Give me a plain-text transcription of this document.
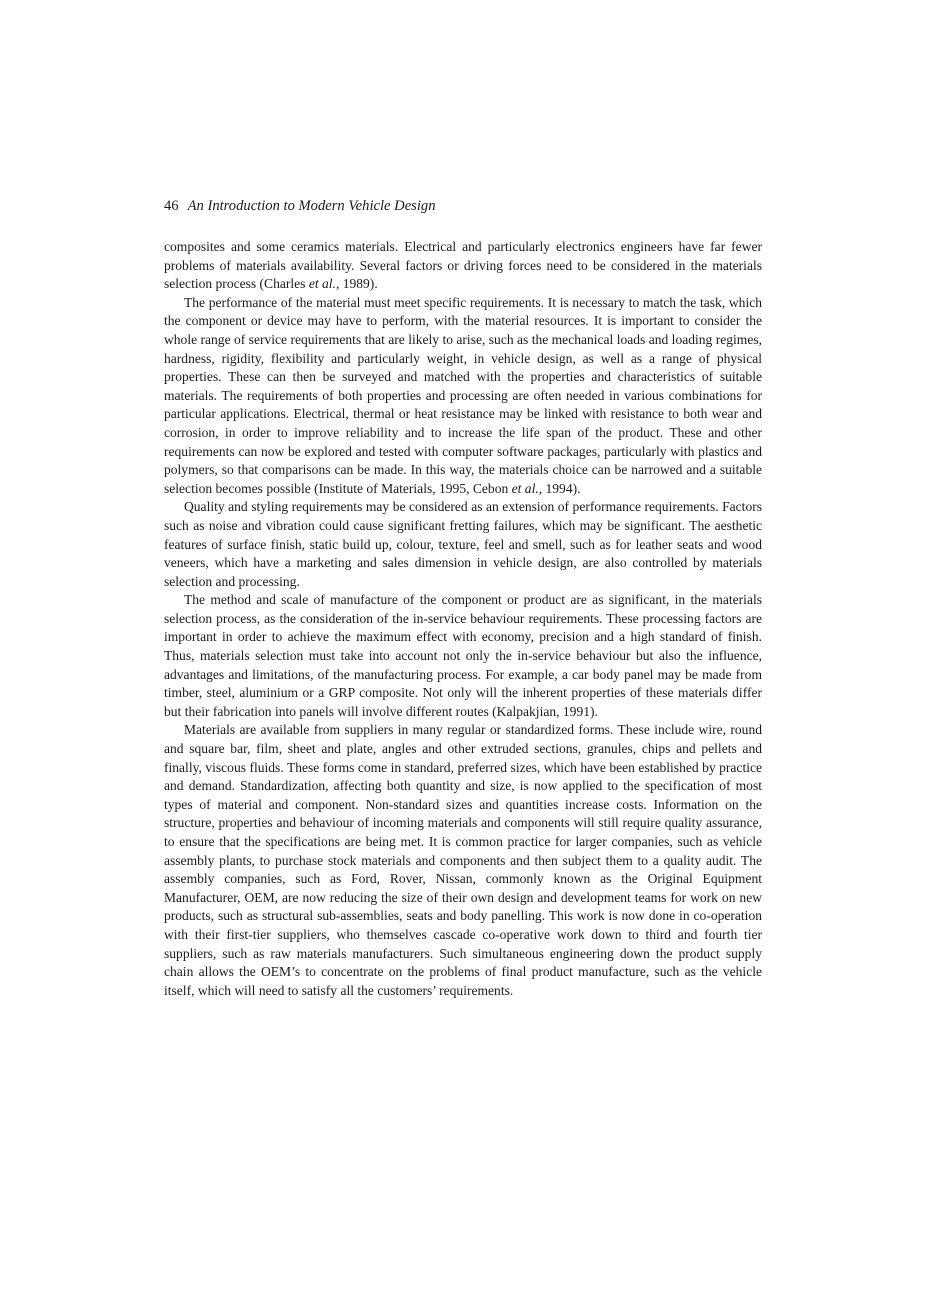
46 An Introduction to Modern Vehicle Design

composites and some ceramics materials. Electrical and particularly electronics engineers have far fewer problems of materials availability. Several factors or driving forces need to be considered in the materials selection process (Charles et al., 1989).

The performance of the material must meet specific requirements. It is necessary to match the task, which the component or device may have to perform, with the material resources. It is important to consider the whole range of service requirements that are likely to arise, such as the mechanical loads and loading regimes, hardness, rigidity, flexibility and particularly weight, in vehicle design, as well as a range of physical properties. These can then be surveyed and matched with the properties and characteristics of suitable materials. The requirements of both properties and processing are often needed in various combinations for particular applications. Electrical, thermal or heat resistance may be linked with resistance to both wear and corrosion, in order to improve reliability and to increase the life span of the product. These and other requirements can now be explored and tested with computer software packages, particularly with plastics and polymers, so that comparisons can be made. In this way, the materials choice can be narrowed and a suitable selection becomes possible (Institute of Materials, 1995, Cebon et al., 1994).

Quality and styling requirements may be considered as an extension of performance requirements. Factors such as noise and vibration could cause significant fretting failures, which may be significant. The aesthetic features of surface finish, static build up, colour, texture, feel and smell, such as for leather seats and wood veneers, which have a marketing and sales dimension in vehicle design, are also controlled by materials selection and processing.

The method and scale of manufacture of the component or product are as significant, in the materials selection process, as the consideration of the in-service behaviour requirements. These processing factors are important in order to achieve the maximum effect with economy, precision and a high standard of finish. Thus, materials selection must take into account not only the in-service behaviour but also the influence, advantages and limitations, of the manufacturing process. For example, a car body panel may be made from timber, steel, aluminium or a GRP composite. Not only will the inherent properties of these materials differ but their fabrication into panels will involve different routes (Kalpakjian, 1991).

Materials are available from suppliers in many regular or standardized forms. These include wire, round and square bar, film, sheet and plate, angles and other extruded sections, granules, chips and pellets and finally, viscous fluids. These forms come in standard, preferred sizes, which have been established by practice and demand. Standardization, affecting both quantity and size, is now applied to the specification of most types of material and component. Non-standard sizes and quantities increase costs. Information on the structure, properties and behaviour of incoming materials and components will still require quality assurance, to ensure that the specifications are being met. It is common practice for larger companies, such as vehicle assembly plants, to purchase stock materials and components and then subject them to a quality audit. The assembly companies, such as Ford, Rover, Nissan, commonly known as the Original Equipment Manufacturer, OEM, are now reducing the size of their own design and development teams for work on new products, such as structural sub-assemblies, seats and body panelling. This work is now done in co-operation with their first-tier suppliers, who themselves cascade co-operative work down to third and fourth tier suppliers, such as raw materials manufacturers. Such simultaneous engineering down the product supply chain allows the OEM’s to concentrate on the problems of final product manufacture, such as the vehicle itself, which will need to satisfy all the customers’ requirements.
